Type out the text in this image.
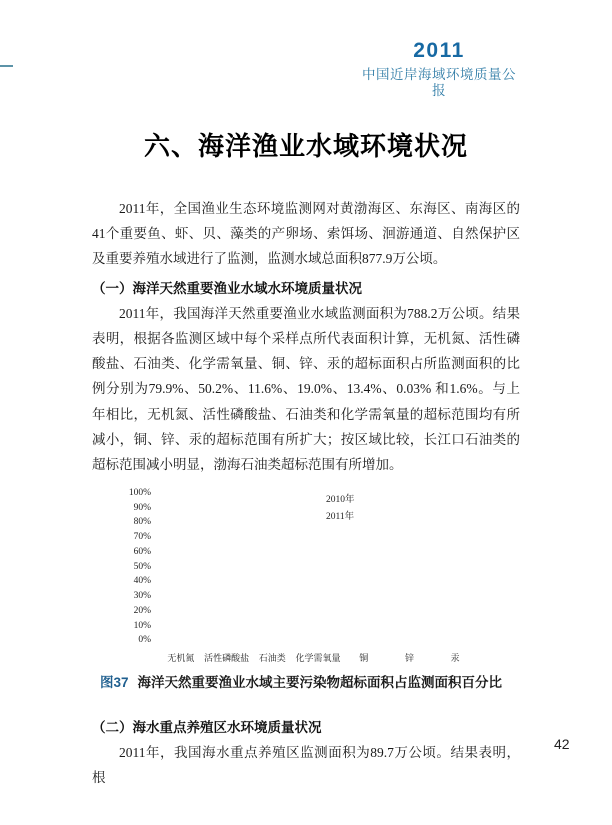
2011
中国近岸海域环境质量公报
六、海洋渔业水域环境状况

2011年，全国渔业生态环境监测网对黄渤海区、东海区、南海区的41个重要鱼、虾、贝、藻类的产卵场、索饵场、洄游通道、自然保护区及重要养殖水域进行了监测，监测水域总面积877.9万公顷。

（一）海洋天然重要渔业水域水环境质量状况

2011年，我国海洋天然重要渔业水域监测面积为788.2万公顷。结果表明，根据各监测区域中每个采样点所代表面积计算，无机氮、活性磷酸盐、石油类、化学需氧量、铜、锌、汞的超标面积占所监测面积的比例分别为79.9%、50.2%、11.6%、19.0%、13.4%、0.03% 和1.6%。与上年相比，无机氮、活性磷酸盐、石油类和化学需氧量的超标范围均有所减小，铜、锌、汞的超标范围有所扩大；按区域比较，长江口石油类的超标范围减小明显，渤海石油类超标范围有所增加。

100%
90%
80%
70%
60%
50%
40%
30%
20%
10%
0%
2010年
2011年
无机氮	活性磷酸盐	石油类	化学需氧量	铜	锌	汞
图37 海洋天然重要渔业水域主要污染物超标面积占监测面积百分比
（二）海水重点养殖区水环境质量状况

2011年，我国海水重点养殖区监测面积为89.7万公顷。结果表明，根

42
